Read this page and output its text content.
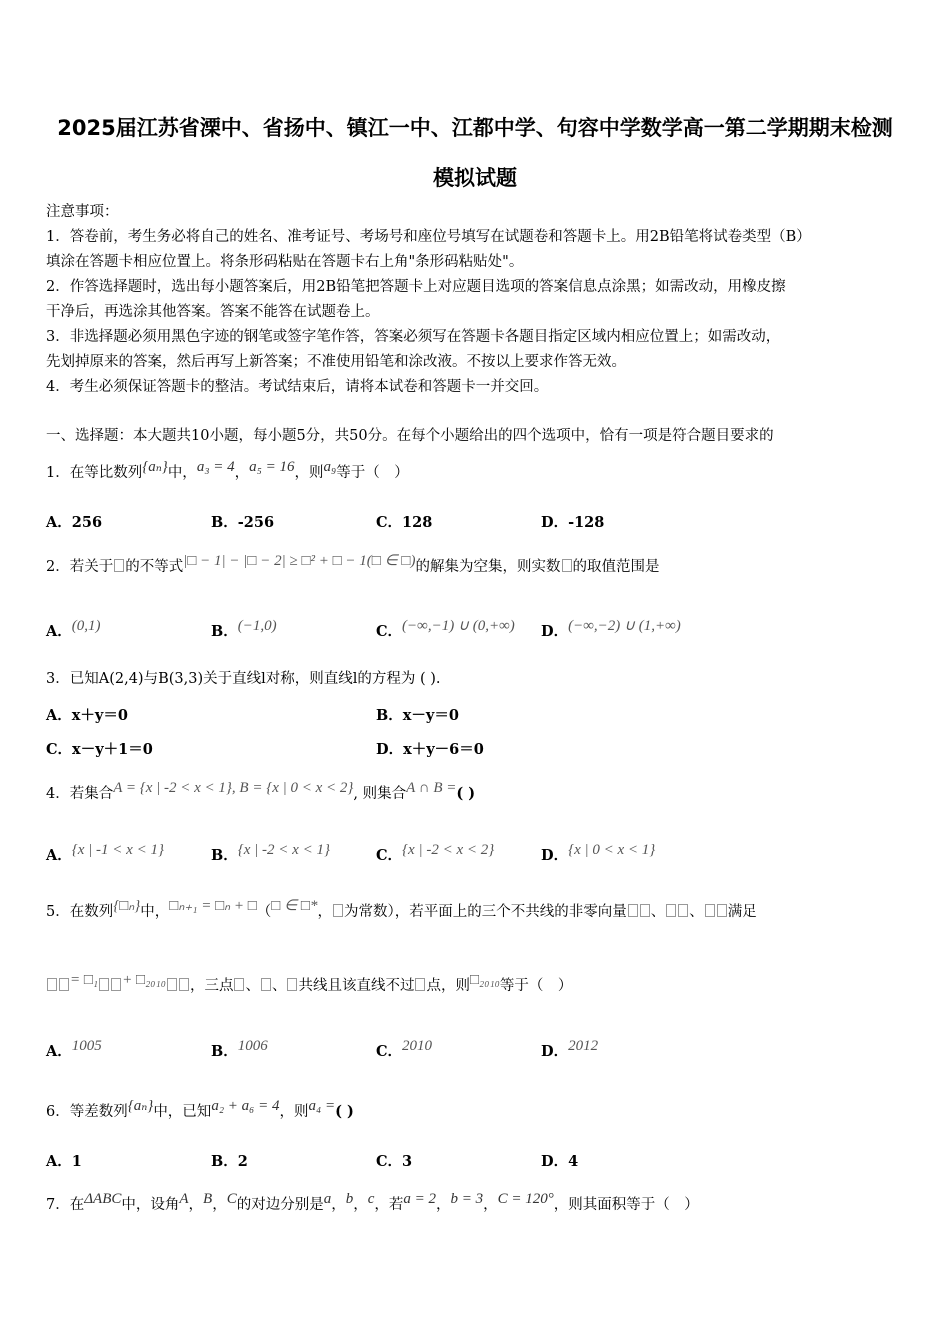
2025届江苏省溧中、省扬中、镇江一中、江都中学、句容中学数学高一第二学期期末检测
模拟试题
注意事项：
1．答卷前，考生务必将自己的姓名、准考证号、考场号和座位号填写在试题卷和答题卡上。用2B铅笔将试卷类型（B）
填涂在答题卡相应位置上。将条形码粘贴在答题卡右上角"条形码粘贴处"。
2．作答选择题时，选出每小题答案后，用2B铅笔把答题卡上对应题目选项的答案信息点涂黑；如需改动，用橡皮擦
干净后，再选涂其他答案。答案不能答在试题卷上。
3．非选择题必须用黑色字迹的钢笔或签字笔作答，答案必须写在答题卡各题目指定区域内相应位置上；如需改动，
先划掉原来的答案，然后再写上新答案；不准使用铅笔和涂改液。不按以上要求作答无效。
4．考生必须保证答题卡的整洁。考试结束后，请将本试卷和答题卡一并交回。
一、选择题：本大题共10小题，每小题5分，共50分。在每个小题给出的四个选项中，恰有一项是符合题目要求的
1．在等比数列{aₙ}中，a₃ = 4，a₅ = 16，则a₉等于（　）
A．256	B．-256	C．128	D．-128
2．若关于 的不等式|□ − 1| − |□ − 2| ≥ □² + □ − 1(□ ∈ □)的解集为空集，则实数 的取值范围是
A．(0,1)	B．(−1,0)	C．(−∞,−1) ∪ (0,+∞) D．(−∞,−2) ∪ (1,+∞)
3．已知A(2,4)与B(3,3)关于直线l对称，则直线l的方程为 ( ).
A．x＋y＝0	B．x－y＝0
C．x－y＋1＝0	D．x＋y－6＝0
4．若集合A = {x | -2 < x < 1}, B = {x | 0 < x < 2}, 则集合A ∩ B =( )
A．{x | -1 < x < 1}	B．{x | -2 < x < 1}	C．{x | -2 < x < 2}	D．{x | 0 < x < 1}
5．在数列{□ₙ}中，□ₙ₊₁ = □ₙ + □（□ ∈ □*， 为常数），若平面上的三个不共线的非零向量 、 、 满足
= □₁ + □₂₀₁₀ ，三点 、 、 共线且该直线不过 点，则□₂₀₁₀等于（　）
A．1005	B．1006	C．2010	D．2012
6．等差数列{aₙ}中，已知a₂ + a₆ = 4，则a₄ =( )
A．1	B．2	C．3	D．4
7．在ΔABC中，设角A，B，C的对边分别是a，b，c，若a = 2，b = 3，C = 120°，则其面积等于（　）
